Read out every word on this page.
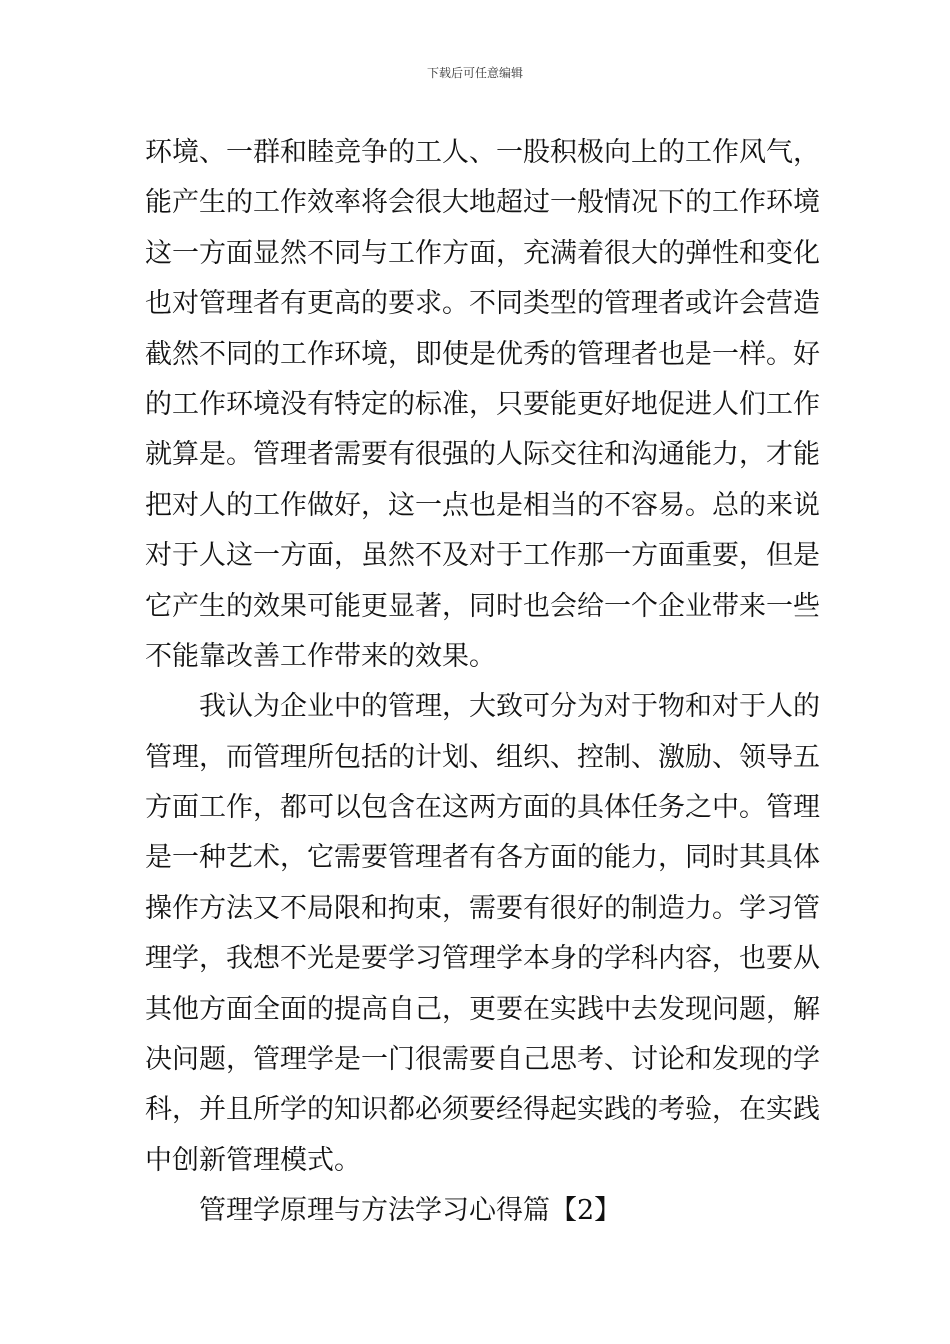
下载后可任意编辑
环境、一群和睦竞争的工人、一股积极向上的工作风气，
能产生的工作效率将会很大地超过一般情况下的工作环境
这一方面显然不同与工作方面，充满着很大的弹性和变化
也对管理者有更高的要求。不同类型的管理者或许会营造
截然不同的工作环境，即使是优秀的管理者也是一样。好
的工作环境没有特定的标准，只要能更好地促进人们工作
就算是。管理者需要有很强的人际交往和沟通能力，才能
把对人的工作做好，这一点也是相当的不容易。总的来说
对于人这一方面，虽然不及对于工作那一方面重要，但是
它产生的效果可能更显著，同时也会给一个企业带来一些
不能靠改善工作带来的效果。
我认为企业中的管理，大致可分为对于物和对于人的
管理，而管理所包括的计划、组织、控制、激励、领导五
方面工作，都可以包含在这两方面的具体任务之中。管理
是一种艺术，它需要管理者有各方面的能力，同时其具体
操作方法又不局限和拘束，需要有很好的制造力。学习管
理学，我想不光是要学习管理学本身的学科内容，也要从
其他方面全面的提高自己，更要在实践中去发现问题，解
决问题，管理学是一门很需要自己思考、讨论和发现的学
科，并且所学的知识都必须要经得起实践的考验，在实践
中创新管理模式。
管理学原理与方法学习心得篇【2】
